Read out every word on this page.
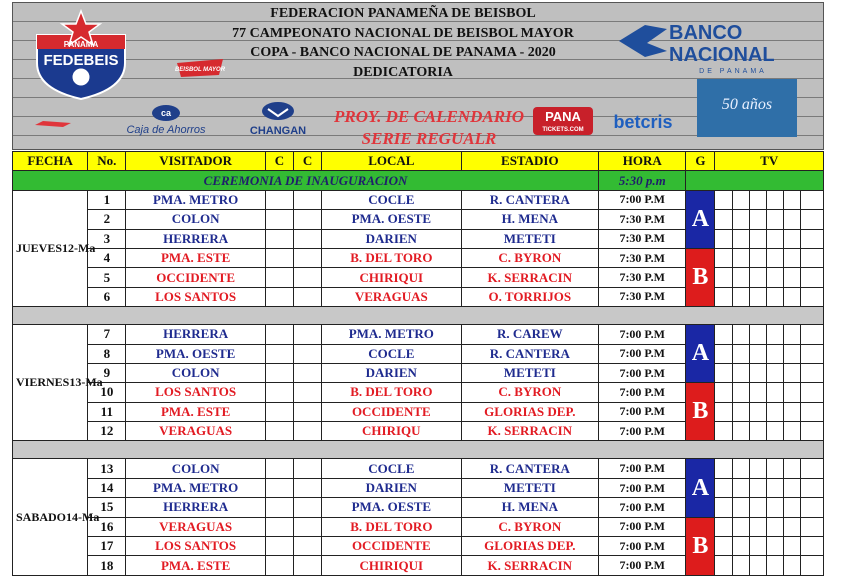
FEDERACION PANAMEÑA DE BEISBOL
77 CAMPEONATO NACIONAL DE BEISBOL MAYOR
COPA - BANCO NACIONAL DE PANAMA - 2020
DEDICATORIA
PANAMA
FEDEBEIS
BEISBOL MAYOR
ca
Caja de Ahorros	CHANGAN
PROY. DE CALENDARIO
SERIE REGUALR
PANA
TICKETS.COM	betcris
BANCO
NACIONAL
DE PANAMA
50 años
FECHA	No.	VISITADOR	C	C	LOCAL	ESTADIO	HORA	G	TV					
CEREMONIA DE INAUGURACION							5:30 p.m							
JUEVES12-Ma	1	PMA. METRO			COCLE	R. CANTERA	7:00 P.M	A						
	2	COLON			PMA. OESTE	H. MENA	7:30 P.M							
	3	HERRERA			DARIEN	METETI	7:30 P.M							
	4	PMA. ESTE			B. DEL TORO	C. BYRON	7:30 P.M	B						
	5	OCCIDENTE			CHIRIQUI	K. SERRACIN	7:30 P.M							
	6	LOS SANTOS			VERAGUAS	O. TORRIJOS	7:30 P.M							

VIERNES13-Ma	7	HERRERA			PMA. METRO	R. CAREW	7:00 P.M	A						
	8	PMA. OESTE			COCLE	R. CANTERA	7:00 P.M							
	9	COLON			DARIEN	METETI	7:00 P.M							
	10	LOS SANTOS			B. DEL TORO	C. BYRON	7:00 P.M	B						
	11	PMA. ESTE			OCCIDENTE	GLORIAS DEP.	7:00 P.M							
	12	VERAGUAS			CHIRIQU	K. SERRACIN	7:00 P.M							

SABADO14-Ma	13	COLON			COCLE	R. CANTERA	7:00 P.M	A						
	14	PMA. METRO			DARIEN	METETI	7:00 P.M							
	15	HERRERA			PMA. OESTE	H. MENA	7:00 P.M							
	16	VERAGUAS			B. DEL TORO	C. BYRON	7:00 P.M	B						
	17	LOS SANTOS			OCCIDENTE	GLORIAS DEP.	7:00 P.M							
	18	PMA. ESTE			CHIRIQUI	K. SERRACIN	7:00 P.M							
